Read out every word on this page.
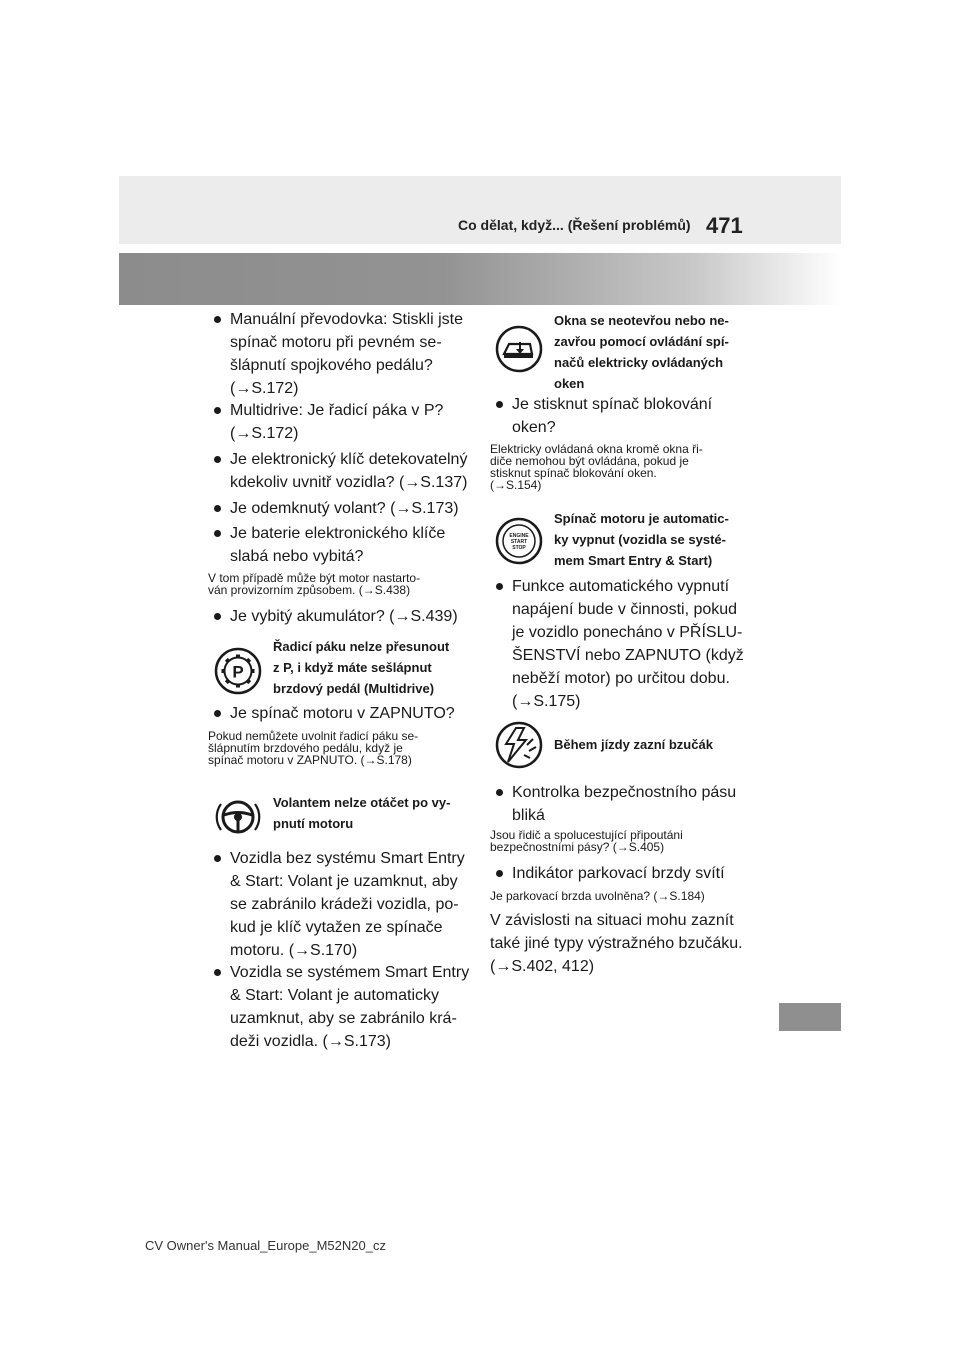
Co dělat, když... (Řešení problémů) 471
Manuální převodovka: Stiskli jste
spínač motoru při pevném se-
šlápnutí spojkového pedálu?
(→S.172)
Multidrive: Je řadicí páka v P?
(→S.172)
Je elektronický klíč detekovatelný
kdekoliv uvnitř vozidla? (→S.137)
Je odemknutý volant? (→S.173)
Je baterie elektronického klíče
slabá nebo vybitá?
V tom případě může být motor nastarto-
ván provizorním způsobem. (→S.438)
Je vybitý akumulátor? (→S.439)
P
Řadicí páku nelze přesunout
z P, i když máte sešlápnut
brzdový pedál (Multidrive)
Je spínač motoru v ZAPNUTO?
Pokud nemůžete uvolnit řadicí páku se-
šlápnutím brzdového pedálu, když je
spínač motoru v ZAPNUTO. (→S.178)
Volantem nelze otáčet po vy-
pnutí motoru
Vozidla bez systému Smart Entry
& Start: Volant je uzamknut, aby
se zabránilo krádeži vozidla, po-
kud je klíč vytažen ze spínače
motoru. (→S.170)
Vozidla se systémem Smart Entry
& Start: Volant je automaticky
uzamknut, aby se zabránilo krá-
deži vozidla. (→S.173)
Okna se neotevřou nebo ne-
zavřou pomocí ovládání spí-
načů elektricky ovládaných
oken
Je stisknut spínač blokování
oken?
Elektricky ovládaná okna kromě okna ři-
diče nemohou být ovládána, pokud je
stisknut spínač blokování oken.
(→S.154)
ENGINE
START
STOP
Spínač motoru je automatic-
ky vypnut (vozidla se systé-
mem Smart Entry & Start)
Funkce automatického vypnutí
napájení bude v činnosti, pokud
je vozidlo ponecháno v PŘÍSLU-
ŠENSTVÍ nebo ZAPNUTO (když
neběží motor) po určitou dobu.
(→S.175)
Během jízdy zazní bzučák
Kontrolka bezpečnostního pásu
bliká
Jsou řidič a spolucestující připoutáni
bezpečnostními pásy? (→S.405)
Indikátor parkovací brzdy svítí
Je parkovací brzda uvolněna? (→S.184)
V závislosti na situaci mohu zaznít
také jiné typy výstražného bzučáku.
(→S.402, 412)
CV Owner's Manual_Europe_M52N20_cz
